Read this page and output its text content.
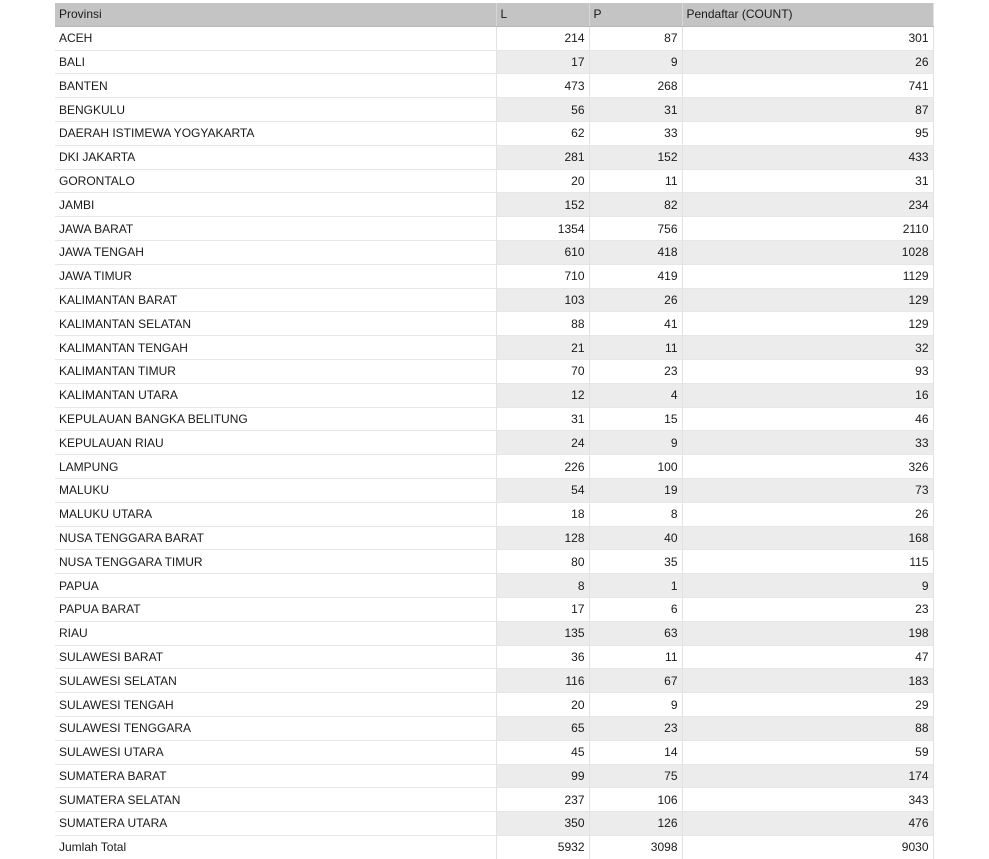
Provinsi	L	P	Pendaftar (COUNT)
ACEH	214	87	301
BALI	17	9	26
BANTEN	473	268	741
BENGKULU	56	31	87
DAERAH ISTIMEWA YOGYAKARTA	62	33	95
DKI JAKARTA	281	152	433
GORONTALO	20	11	31
JAMBI	152	82	234
JAWA BARAT	1354	756	2110
JAWA TENGAH	610	418	1028
JAWA TIMUR	710	419	1129
KALIMANTAN BARAT	103	26	129
KALIMANTAN SELATAN	88	41	129
KALIMANTAN TENGAH	21	11	32
KALIMANTAN TIMUR	70	23	93
KALIMANTAN UTARA	12	4	16
KEPULAUAN BANGKA BELITUNG	31	15	46
KEPULAUAN RIAU	24	9	33
LAMPUNG	226	100	326
MALUKU	54	19	73
MALUKU UTARA	18	8	26
NUSA TENGGARA BARAT	128	40	168
NUSA TENGGARA TIMUR	80	35	115
PAPUA	8	1	9
PAPUA BARAT	17	6	23
RIAU	135	63	198
SULAWESI BARAT	36	11	47
SULAWESI SELATAN	116	67	183
SULAWESI TENGAH	20	9	29
SULAWESI TENGGARA	65	23	88
SULAWESI UTARA	45	14	59
SUMATERA BARAT	99	75	174
SUMATERA SELATAN	237	106	343
SUMATERA UTARA	350	126	476
Jumlah Total	5932	3098	9030
